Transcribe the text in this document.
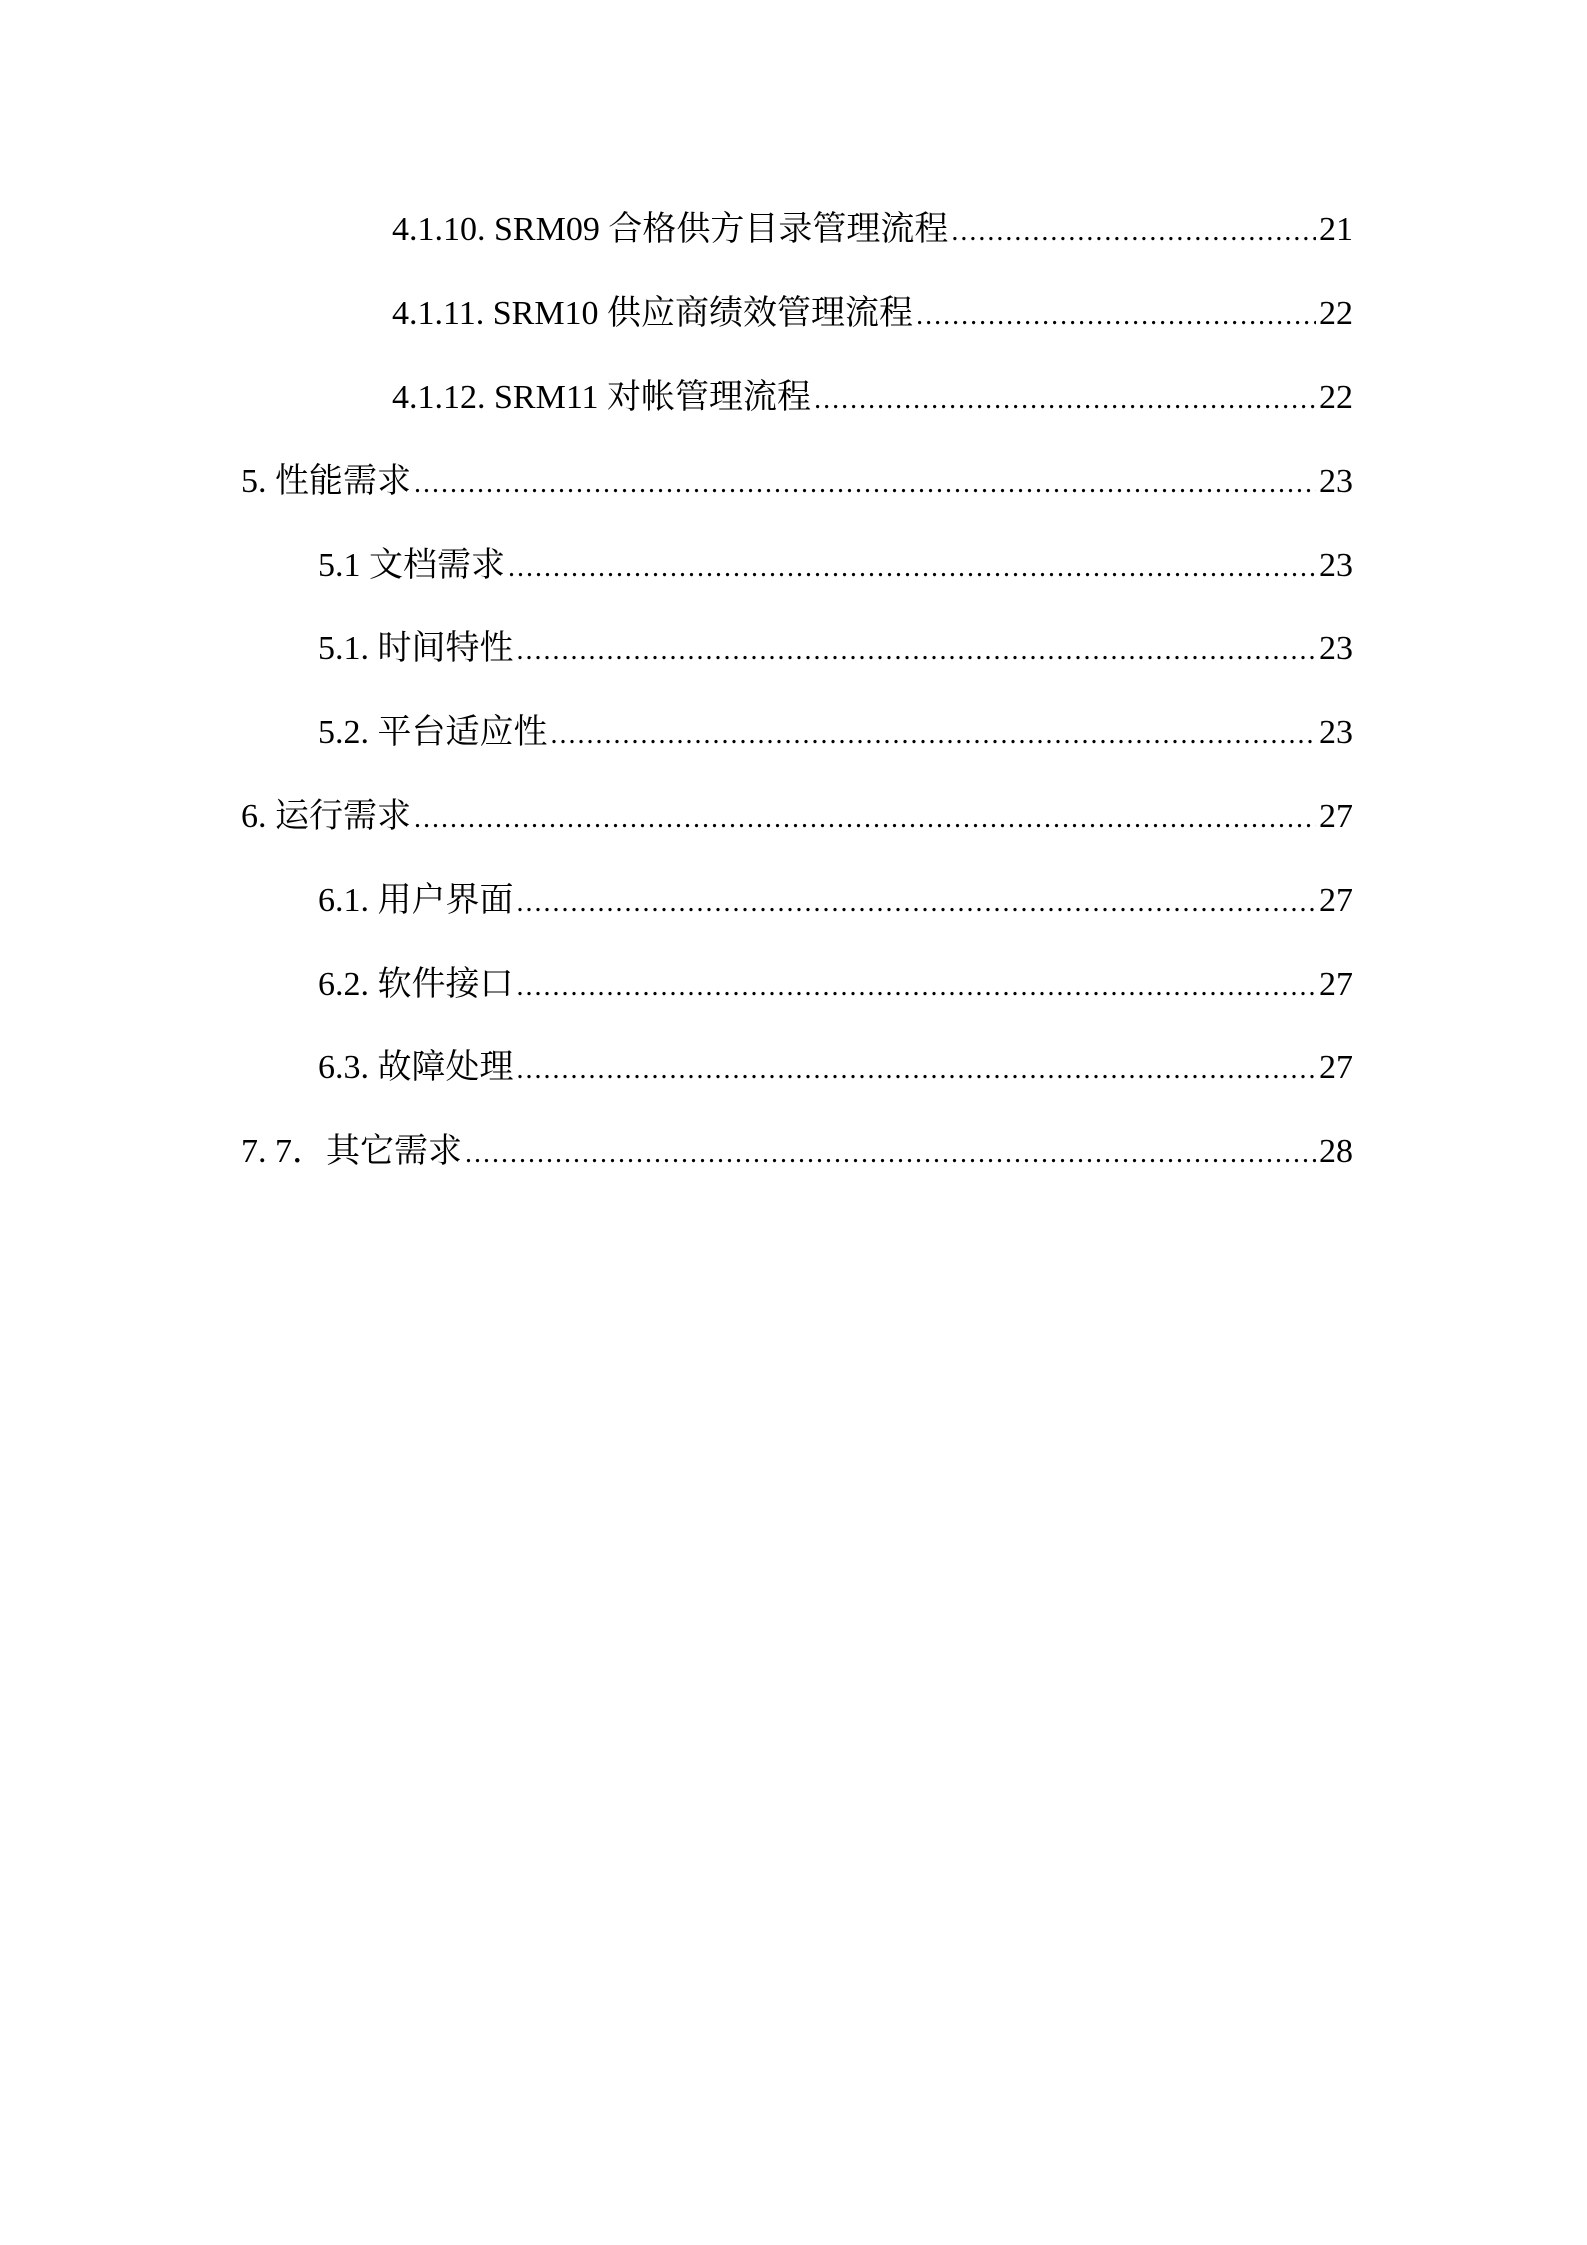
4.1.10. SRM09 合格供方目录管理流程 .....	21
4.1.11. SRM10 供应商绩效管理流程 .....	22
4.1.12. SRM11 对帐管理流程 .....	22
5. 性能需求 .....	23
5.1 文档需求 .....	23
5.1. 时间特性 .....	23
5.2. 平台适应性 .....	23
6. 运行需求 .....	27
6.1. 用户界面 .....	27
6.2. 软件接口 .....	27
6.3. 故障处理 .....	27
7. 7．其它需求 .....	28
